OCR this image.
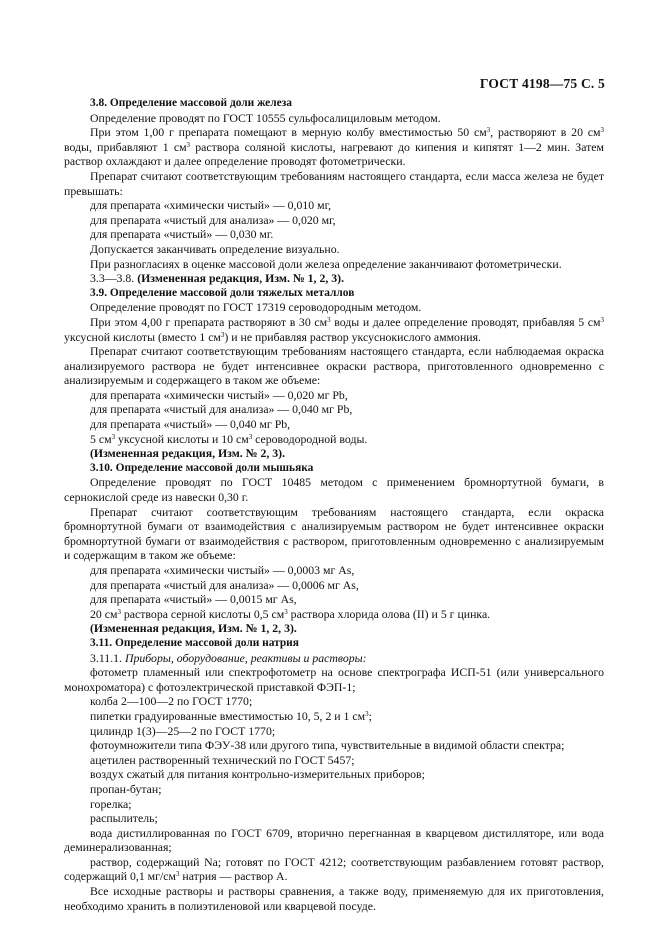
ГОСТ 4198—75 С. 5

3.8. Определение массовой доли железа

Определение проводят по ГОСТ 10555 сульфосалициловым методом.

При этом 1,00 г препарата помещают в мерную колбу вместимостью 50 $см^3$, растворяют в 20 $см^3$ воды, прибавляют 1 $см^3$ раствора соляной кислоты, нагревают до кипения и кипятят 1—2 мин. Затем раствор охлаждают и далее определение проводят фотометрически.

Препарат считают соответствующим требованиям настоящего стандарта, если масса железа не будет превышать:

для препарата «химически чистый» — 0,010 мг,

для препарата «чистый для анализа» — 0,020 мг,

для препарата «чистый» — 0,030 мг.

Допускается заканчивать определение визуально.

При разногласиях в оценке массовой доли железа определение заканчивают фотометрически.

3.3—3.8. (Измененная редакция, Изм. № 1, 2, 3).

3.9. Определение массовой доли тяжелых металлов

Определение проводят по ГОСТ 17319 сероводородным методом.

При этом 4,00 г препарата растворяют в 30 $см^3$ воды и далее определение проводят, прибавляя 5 $см^3$ уксусной кислоты (вместо 1 $см^3$) и не прибавляя раствор уксуснокислого аммония.

Препарат считают соответствующим требованиям настоящего стандарта, если наблюдаемая окраска анализируемого раствора не будет интенсивнее окраски раствора, приготовленного одновременно с анализируемым и содержащего в таком же объеме:

для препарата «химически чистый» — 0,020 мг Pb,

для препарата «чистый для анализа» — 0,040 мг Pb,

для препарата «чистый» — 0,040 мг Pb,

5 $см^3$ уксусной кислоты и 10 $см^3$ сероводородной воды.

(Измененная редакция, Изм. № 2, 3).

3.10. Определение массовой доли мышьяка

Определение проводят по ГОСТ 10485 методом с применением бромнортутной бумаги, в сернокислой среде из навески 0,30 г.

Препарат считают соответствующим требованиям настоящего стандарта, если окраска бромнортутной бумаги от взаимодействия с анализируемым раствором не будет интенсивнее окраски бромнортутной бумаги от взаимодействия с раствором, приготовленным одновременно с анализируемым и содержащим в таком же объеме:

для препарата «химически чистый» — 0,0003 мг As,

для препарата «чистый для анализа» — 0,0006 мг As,

для препарата «чистый» — 0,0015 мг As,

20 $см^3$ раствора серной кислоты 0,5 $см^3$ раствора хлорида олова (II) и 5 г цинка.

(Измененная редакция, Изм. № 1, 2, 3).

3.11. Определение массовой доли натрия

3.11.1. Приборы, оборудование, реактивы и растворы:

фотометр пламенный или спектрофотометр на основе спектрографа ИСП-51 (или универсального монохроматора) с фотоэлектрической приставкой ФЭП-1;

колба 2—100—2 по ГОСТ 1770;

пипетки градуированные вместимостью 10, 5, 2 и 1 $см^3$;

цилиндр 1(3)—25—2 по ГОСТ 1770;

фотоумножители типа ФЭУ-38 или другого типа, чувствительные в видимой области спектра;

ацетилен растворенный технический по ГОСТ 5457;

воздух сжатый для питания контрольно-измерительных приборов;

пропан-бутан;

горелка;

распылитель;

вода дистиллированная по ГОСТ 6709, вторично перегнанная в кварцевом дистилляторе, или вода деминерализованная;

раствор, содержащий Na; готовят по ГОСТ 4212; соответствующим разбавлением готовят раствор, содержащий 0,1 $мг/см^3$ натрия — раствор А.

Все исходные растворы и растворы сравнения, а также воду, применяемую для их приготовления, необходимо хранить в полиэтиленовой или кварцевой посуде.
